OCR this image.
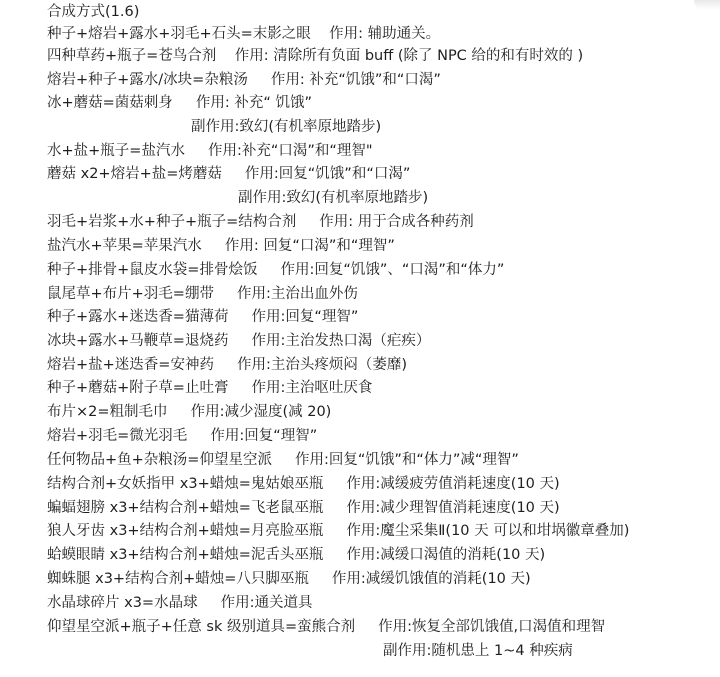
合成方式(1.6)
种子+熔岩+露水+羽毛+石头=末影之眼    作用: 辅助通关。
四种草药+瓶子=苍鸟合剂    作用: 清除所有负面 buff (除了 NPC 给的和有时效的 )
熔岩+种子+露水/冰块=杂粮汤     作用: 补充“饥饿”和“口渴”
冰+蘑菇=菌菇刺身     作用: 补充“ 饥饿”
副作用:致幻(有机率原地踏步)
水+盐+瓶子=盐汽水     作用:补充“口渴”和“理智"
蘑菇 x2+熔岩+盐=烤蘑菇     作用:回复“饥饿”和“口渴”
副作用:致幻(有机率原地踏步)
羽毛+岩浆+水+种子+瓶子=结构合剂     作用: 用于合成各种药剂
盐汽水+苹果=苹果汽水     作用: 回复“口渴”和“理智”
种子+排骨+鼠皮水袋=排骨烩饭     作用:回复“饥饿”、“口渴”和“体力”
鼠尾草+布片+羽毛=绷带     作用:主治出血外伤
种子+露水+迷迭香=猫薄荷     作用:回复“理智”
冰块+露水+马鞭草=退烧药     作用:主治发热口渴（疟疾）
熔岩+盐+迷迭香=安神药     作用:主治头疼烦闷（萎靡)
种子+蘑菇+附子草=止吐膏     作用:主治呕吐厌食
布片×2=粗制毛巾     作用:减少湿度(减 20)
熔岩+羽毛=微光羽毛     作用:回复“理智”
任何物品+鱼+杂粮汤=仰望星空派     作用:回复“饥饿”和“体力”减“理智”
结构合剂+女妖指甲 x3+蜡烛=鬼姑娘巫瓶     作用:减缓疲劳值消耗速度(10 天)
蝙蝠翅膀 x3+结构合剂+蜡烛=飞老鼠巫瓶     作用:减少理智值消耗速度(10 天)
狼人牙齿 x3+结构合剂+蜡烛=月亮脸巫瓶     作用:魔尘采集Ⅱ(10 天 可以和坩埚徽章叠加)
蛤蟆眼睛 x3+结构合剂+蜡烛=泥舌头巫瓶     作用:减缓口渴值的消耗(10 天)
蜘蛛腿 x3+结构合剂+蜡烛=八只脚巫瓶     作用:减缓饥饿值的消耗(10 天)
水晶球碎片 x3=水晶球     作用:通关道具
仰望星空派+瓶子+任意 sk 级别道具=蛮熊合剂     作用:恢复全部饥饿值,口渴值和理智
副作用:随机患上 1~4 种疾病
